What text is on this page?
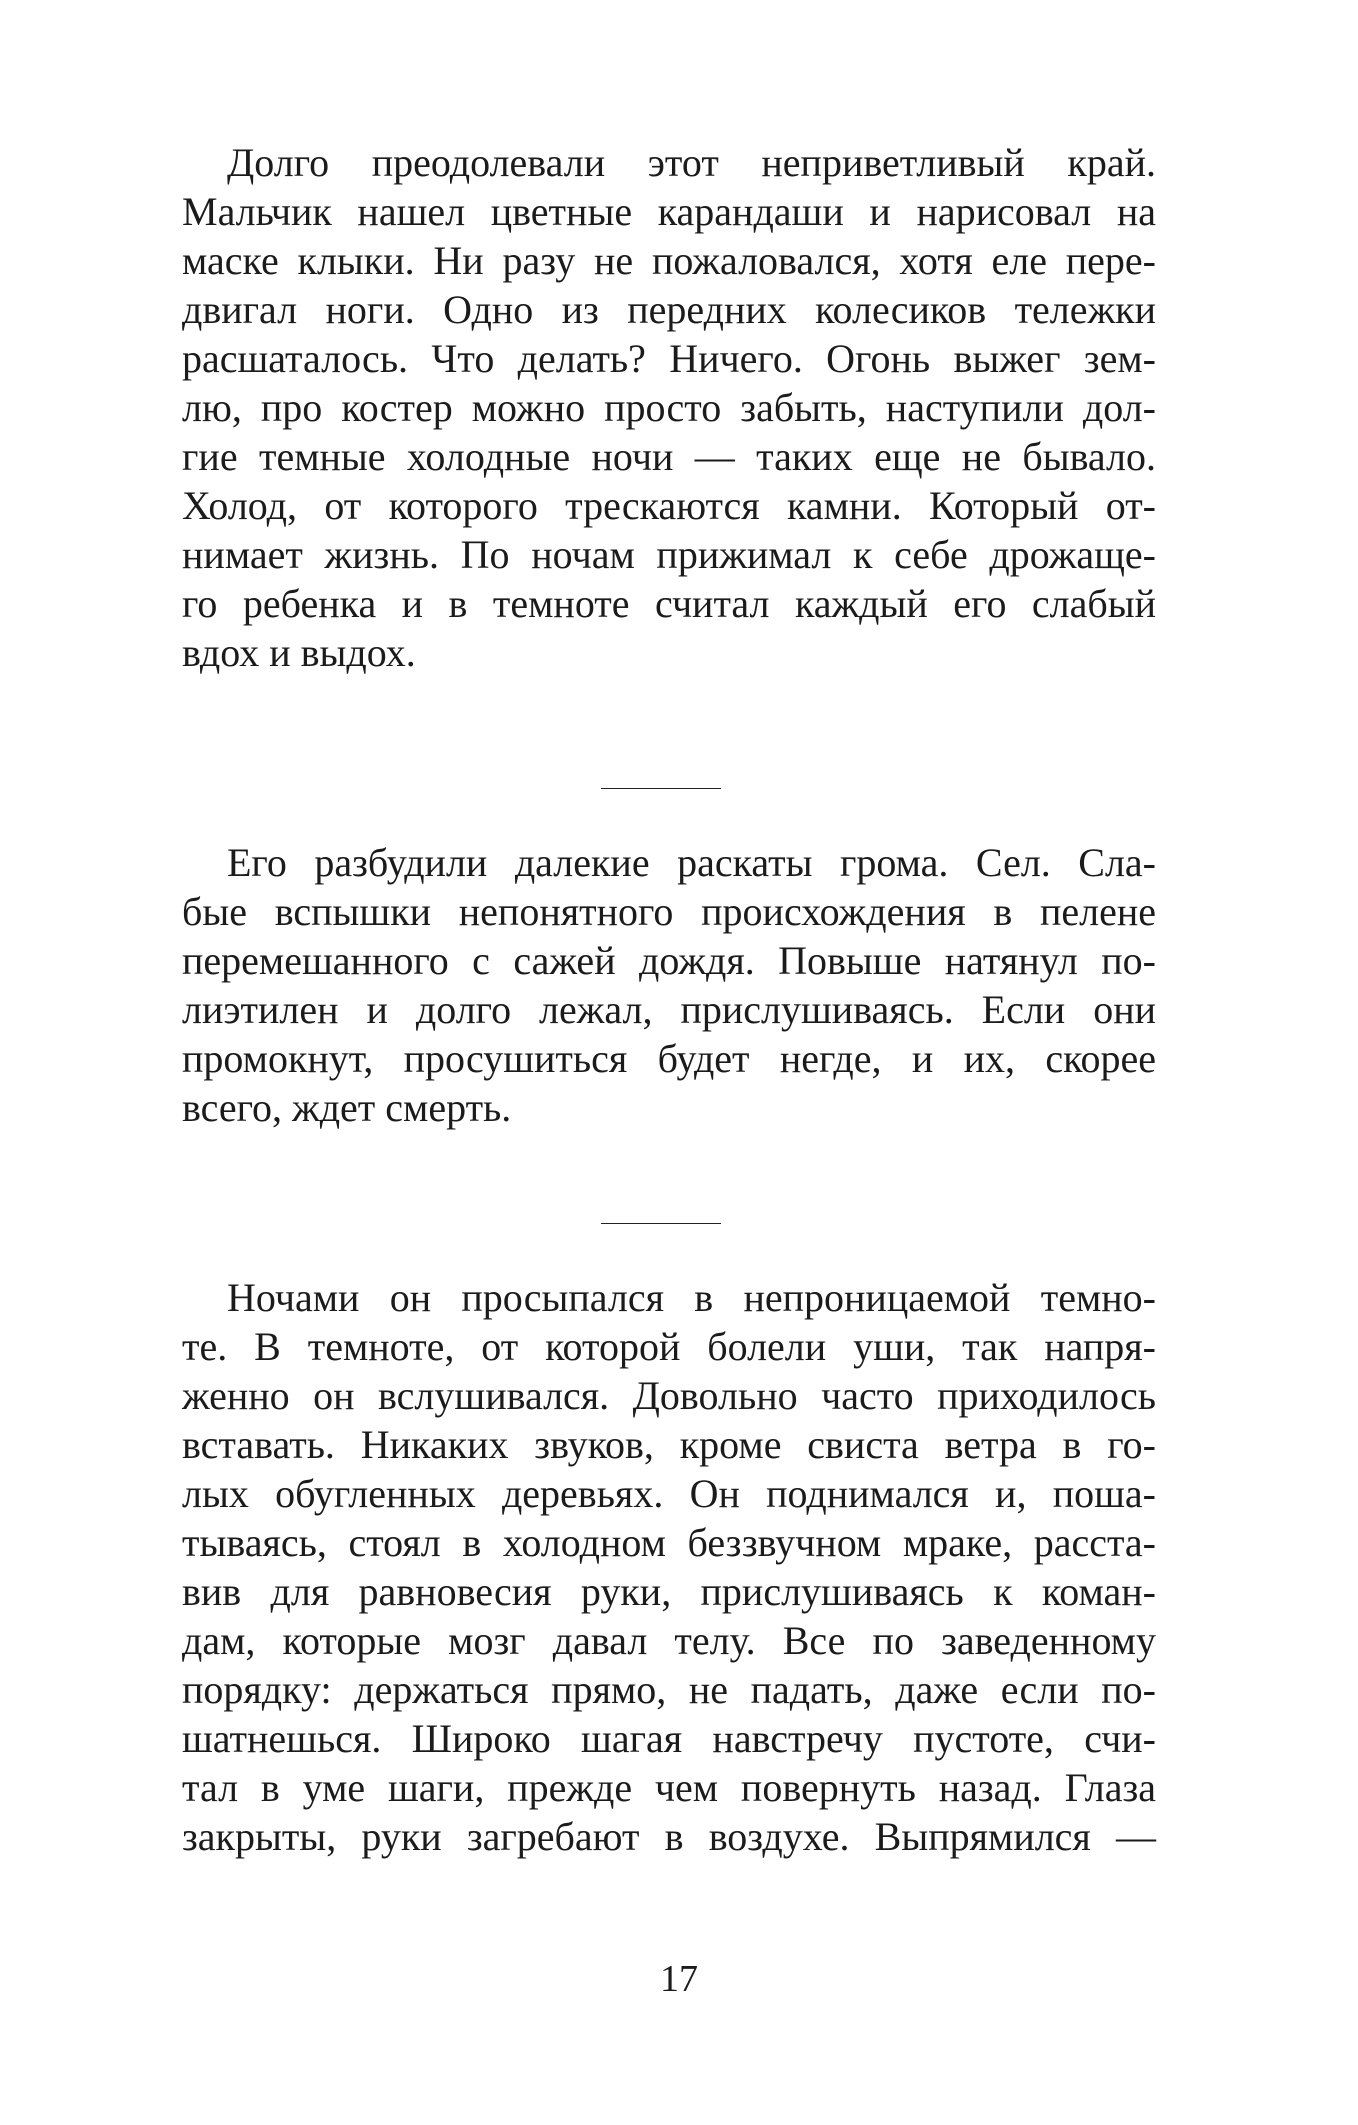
Долго преодолевали этот неприветливый край.
Мальчик нашел цветные карандаши и нарисовал на
маске клыки. Ни разу не пожаловался, хотя еле пере-
двигал ноги. Одно из передних колесиков тележки
расшаталось. Что делать? Ничего. Огонь выжег зем-
лю, про костер можно просто забыть, наступили дол-
гие темные холодные ночи — таких еще не бывало.
Холод, от которого трескаются камни. Который от-
нимает жизнь. По ночам прижимал к себе дрожаще-
го ребенка и в темноте считал каждый его слабый
вдох и выдох.
Его разбудили далекие раскаты грома. Сел. Сла-
бые вспышки непонятного происхождения в пелене
перемешанного с сажей дождя. Повыше натянул по-
лиэтилен и долго лежал, прислушиваясь. Если они
промокнут, просушиться будет негде, и их, скорее
всего, ждет смерть.
Ночами он просыпался в непроницаемой темно-
те. В темноте, от которой болели уши, так напря-
женно он вслушивался. Довольно часто приходилось
вставать. Никаких звуков, кроме свиста ветра в го-
лых обугленных деревьях. Он поднимался и, поша-
тываясь, стоял в холодном беззвучном мраке, расста-
вив для равновесия руки, прислушиваясь к коман-
дам, которые мозг давал телу. Все по заведенному
порядку: держаться прямо, не падать, даже если по-
шатнешься. Широко шагая навстречу пустоте, счи-
тал в уме шаги, прежде чем повернуть назад. Глаза
закрыты, руки загребают в воздухе. Выпрямился —
17
